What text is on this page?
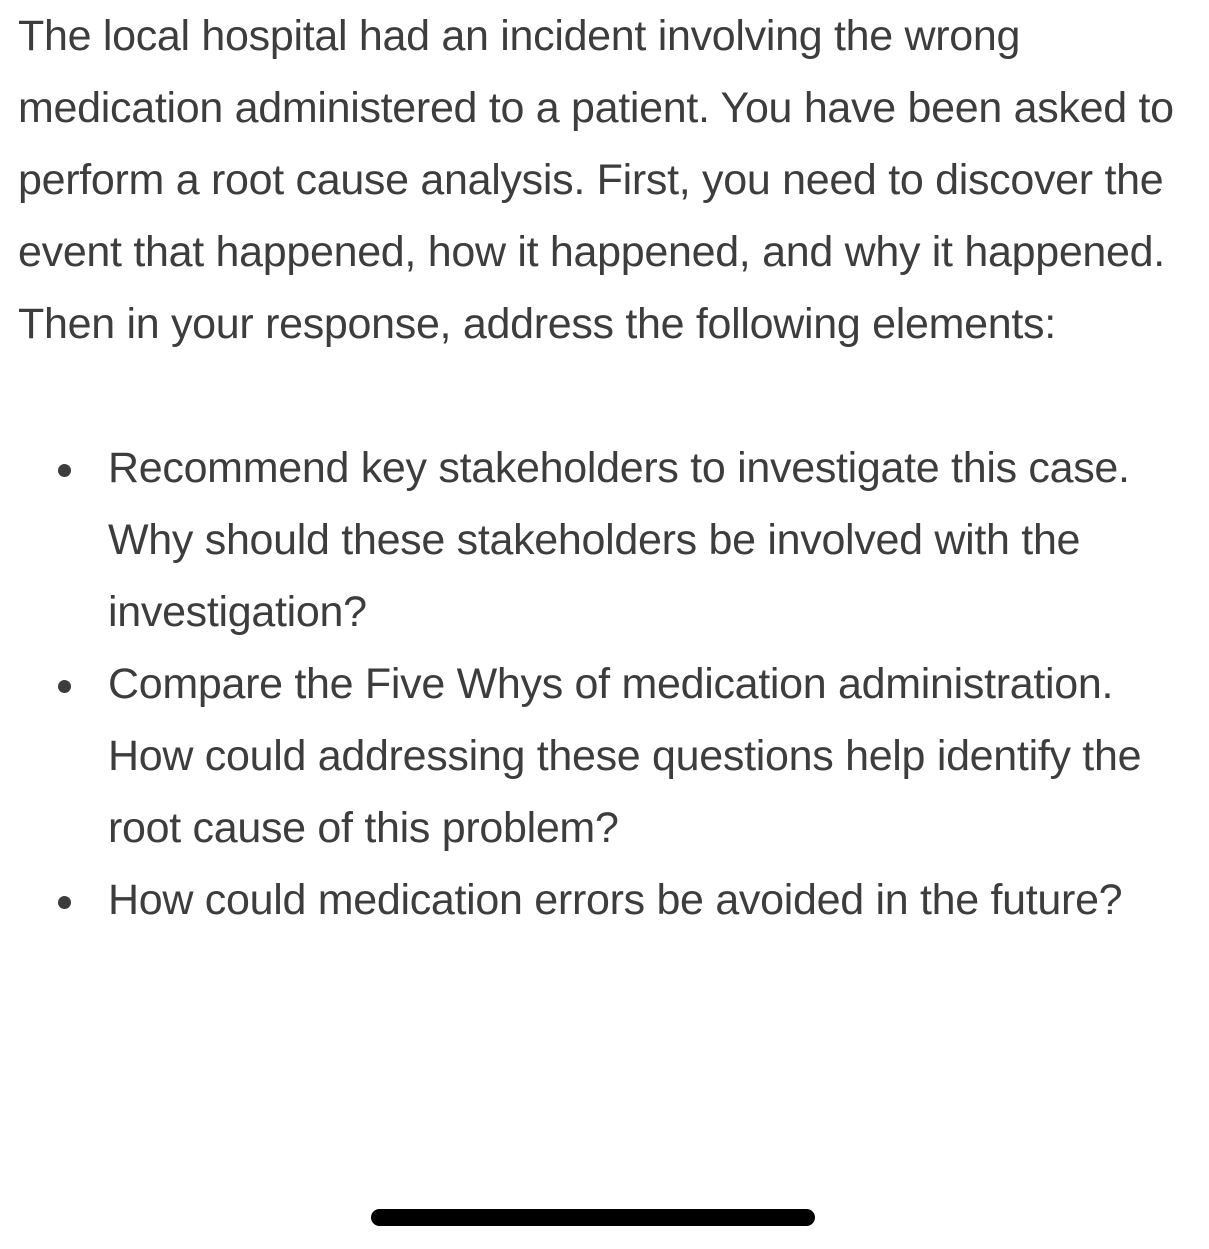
The local hospital had an incident involving the wrong medication administered to a patient. You have been asked to perform a root cause analysis. First, you need to discover the event that happened, how it happened, and why it happened. Then in your response, address the following elements:

Recommend key stakeholders to investigate this case. Why should these stakeholders be involved with the investigation?
Compare the Five Whys of medication administration. How could addressing these questions help identify the root cause of this problem?
How could medication errors be avoided in the future?
